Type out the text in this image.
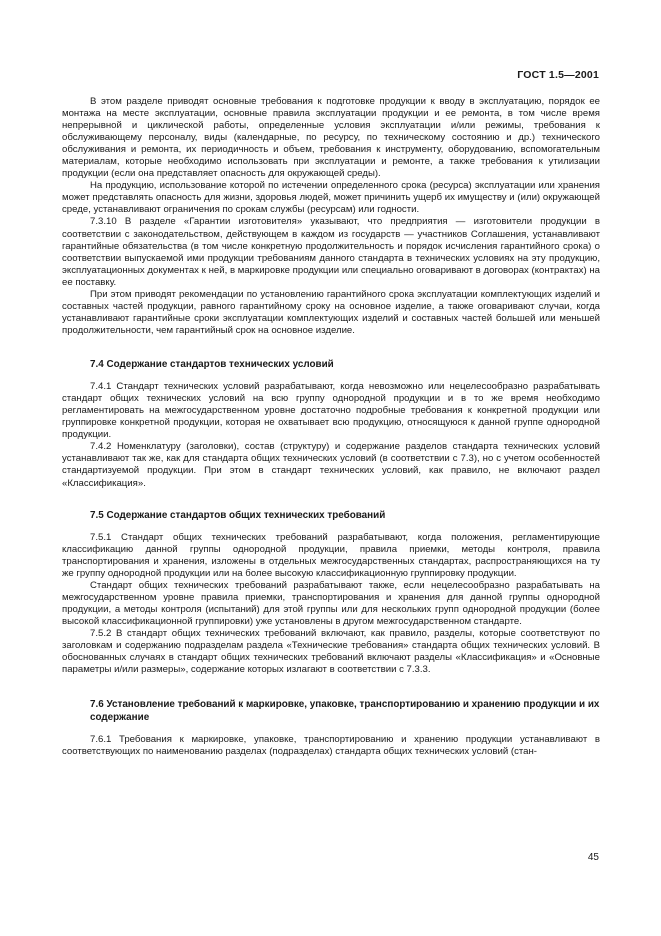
ГОСТ 1.5—2001

В этом разделе приводят основные требования к подготовке продукции к вводу в эксплуатацию, порядок ее монтажа на месте эксплуатации, основные правила эксплуатации продукции и ее ремонта, в том числе время непрерывной и циклической работы, определенные условия эксплуатации и/или режимы, требования к обслуживающему персоналу, виды (календарные, по ресурсу, по техническому состоянию и др.) технического обслуживания и ремонта, их периодичность и объем, требования к инструменту, оборудованию, вспомогательным материалам, которые необходимо использовать при эксплуатации и ремонте, а также требования к утилизации продукции (если она представляет опасность для окружающей среды).

На продукцию, использование которой по истечении определенного срока (ресурса) эксплуатации или хранения может представлять опасность для жизни, здоровья людей, может причинить ущерб их имуществу и (или) окружающей среде, устанавливают ограничения по срокам службы (ресурсам) или годности.

7.3.10 В разделе «Гарантии изготовителя» указывают, что предприятия — изготовители продукции в соответствии с законодательством, действующем в каждом из государств — участников Соглашения, устанавливают гарантийные обязательства (в том числе конкретную продолжительность и порядок исчисления гарантийного срока) о соответствии выпускаемой ими продукции требованиям данного стандарта в технических условиях на эту продукцию, эксплуатационных документах к ней, в маркировке продукции или специально оговаривают в договорах (контрактах) на ее поставку.

При этом приводят рекомендации по установлению гарантийного срока эксплуатации комплектующих изделий и составных частей продукции, равного гарантийному сроку на основное изделие, а также оговаривают случаи, когда устанавливают гарантийные сроки эксплуатации комплектующих изделий и составных частей большей или меньшей продолжительности, чем гарантийный срок на основное изделие.

7.4 Содержание стандартов технических условий

7.4.1 Стандарт технических условий разрабатывают, когда невозможно или нецелесообразно разрабатывать стандарт общих технических условий на всю группу однородной продукции и в то же время необходимо регламентировать на межгосударственном уровне достаточно подробные требования к конкретной продукции или группировке конкретной продукции, которая не охватывает всю продукцию, относящуюся к данной группе однородной продукции.

7.4.2 Номенклатуру (заголовки), состав (структуру) и содержание разделов стандарта технических условий устанавливают так же, как для стандарта общих технических условий (в соответствии с 7.3), но с учетом особенностей стандартизуемой продукции. При этом в стандарт технических условий, как правило, не включают раздел «Классификация».

7.5 Содержание стандартов общих технических требований

7.5.1 Стандарт общих технических требований разрабатывают, когда положения, регламентирующие классификацию данной группы однородной продукции, правила приемки, методы контроля, правила транспортирования и хранения, изложены в отдельных межгосударственных стандартах, распространяющихся на ту же группу однородной продукции или на более высокую классификационную группировку продукции.

Стандарт общих технических требований разрабатывают также, если нецелесообразно разрабатывать на межгосударственном уровне правила приемки, транспортирования и хранения для данной группы однородной продукции, а методы контроля (испытаний) для этой группы или для нескольких групп однородной продукции (более высокой классификационной группировки) уже установлены в другом межгосударственном стандарте.

7.5.2 В стандарт общих технических требований включают, как правило, разделы, которые соответствуют по заголовкам и содержанию подразделам раздела «Технические требования» стандарта общих технических условий. В обоснованных случаях в стандарт общих технических требований включают разделы «Классификация» и «Основные параметры и/или размеры», содержание которых излагают в соответствии с 7.3.3.

7.6 Установление требований к маркировке, упаковке, транспортированию и хранению продукции и их содержание

7.6.1 Требования к маркировке, упаковке, транспортированию и хранению продукции устанавливают в соответствующих по наименованию разделах (подразделах) стандарта общих технических условий (стан-

45
